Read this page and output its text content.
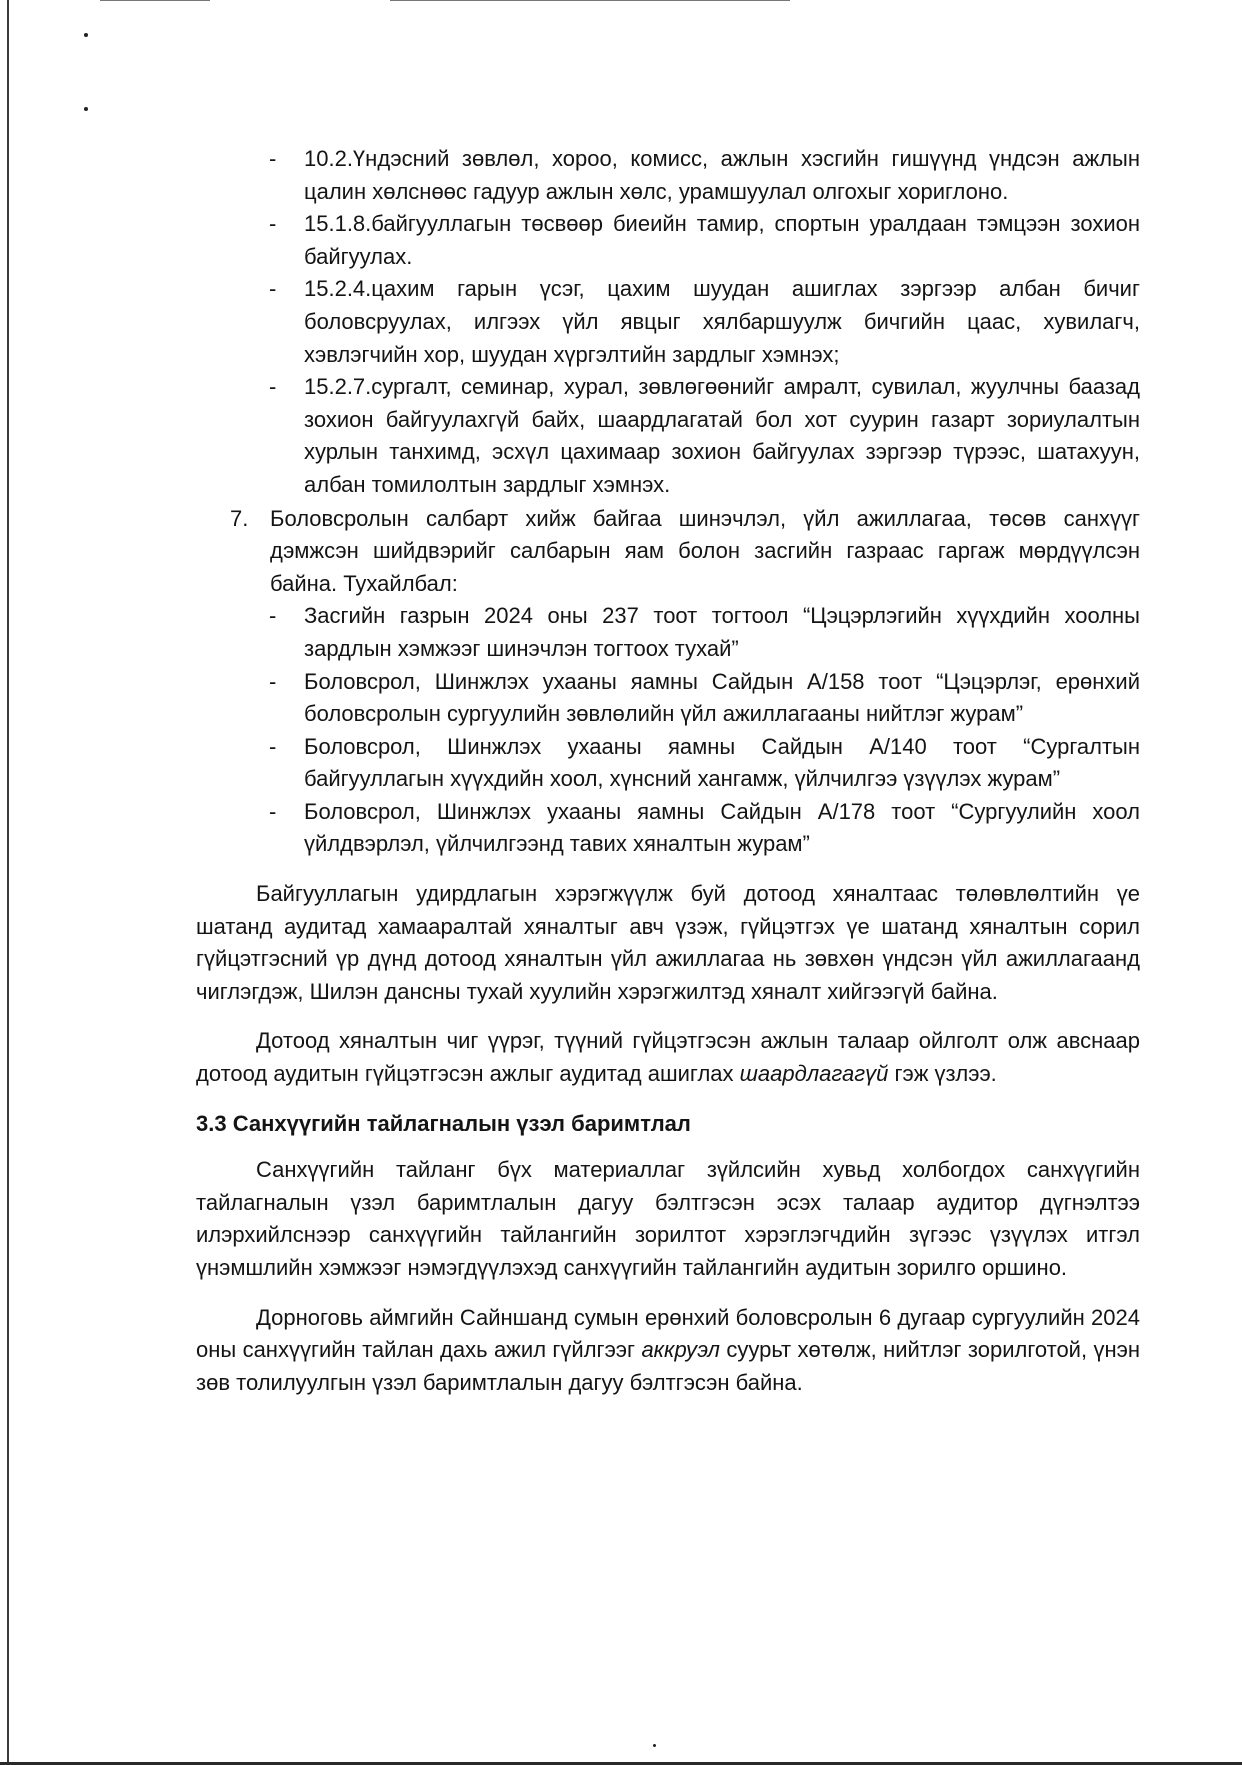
- 10.2.Үндэсний зөвлөл, хороо, комисс, ажлын хэсгийн гишүүнд үндсэн ажлын цалин хөлснөөс гадуур ажлын хөлс, урамшуулал олгохыг хориглоно.
- 15.1.8.байгууллагын төсвөөр биеийн тамир, спортын уралдаан тэмцээн зохион байгуулах.
- 15.2.4.цахим гарын үсэг, цахим шуудан ашиглах зэргээр албан бичиг боловсруулах, илгээх үйл явцыг хялбаршуулж бичгийн цаас, хувилагч, хэвлэгчийн хор, шуудан хүргэлтийн зардлыг хэмнэх;
- 15.2.7.сургалт, семинар, хурал, зөвлөгөөнийг амралт, сувилал, жуулчны баазад зохион байгуулахгүй байх, шаардлагатай бол хот суурин газарт зориулалтын хурлын танхимд, эсхүл цахимаар зохион байгуулах зэргээр түрээс, шатахуун, албан томилолтын зардлыг хэмнэх.
7. Боловсролын салбарт хийж байгаа шинэчлэл, үйл ажиллагаа, төсөв санхүүг дэмжсэн шийдвэрийг салбарын яам болон засгийн газраас гаргаж мөрдүүлсэн байна. Тухайлбал:
- Засгийн газрын 2024 оны 237 тоот тогтоол “Цэцэрлэгийн хүүхдийн хоолны зардлын хэмжээг шинэчлэн тогтоох тухай”
- Боловсрол, Шинжлэх ухааны яамны Сайдын А/158 тоот “Цэцэрлэг, ерөнхий боловсролын сургуулийн зөвлөлийн үйл ажиллагааны нийтлэг журам”
- Боловсрол, Шинжлэх ухааны яамны Сайдын А/140 тоот “Сургалтын байгууллагын хүүхдийн хоол, хүнсний хангамж, үйлчилгээ үзүүлэх журам”
- Боловсрол, Шинжлэх ухааны яамны Сайдын А/178 тоот “Сургуулийн хоол үйлдвэрлэл, үйлчилгээнд тавих хяналтын журам”

Байгууллагын удирдлагын хэрэгжүүлж буй дотоод хяналтаас төлөвлөлтийн үе шатанд аудитад хамааралтай хяналтыг авч үзэж, гүйцэтгэх үе шатанд хяналтын сорил гүйцэтгэсний үр дүнд дотоод хяналтын үйл ажиллагаа нь зөвхөн үндсэн үйл ажиллагаанд чиглэгдэж, Шилэн дансны тухай хуулийн хэрэгжилтэд хяналт хийгээгүй байна.

Дотоод хяналтын чиг үүрэг, түүний гүйцэтгэсэн ажлын талаар ойлголт олж авснаар дотоод аудитын гүйцэтгэсэн ажлыг аудитад ашиглах шаардлагагүй гэж үзлээ.

3.3 Санхүүгийн тайлагналын үзэл баримтлал

Санхүүгийн тайланг бүх материаллаг зүйлсийн хувьд холбогдох санхүүгийн тайлагналын үзэл баримтлалын дагуу бэлтгэсэн эсэх талаар аудитор дүгнэлтээ илэрхийлснээр санхүүгийн тайлангийн зорилтот хэрэглэгчдийн зүгээс үзүүлэх итгэл үнэмшлийн хэмжээг нэмэгдүүлэхэд санхүүгийн тайлангийн аудитын зорилго оршино.

Дорноговь аймгийн Сайншанд сумын ерөнхий боловсролын 6 дугаар сургуулийн 2024 оны санхүүгийн тайлан дахь ажил гүйлгээг аккруэл суурьт хөтөлж, нийтлэг зорилготой, үнэн зөв толилуулгын үзэл баримтлалын дагуу бэлтгэсэн байна.
